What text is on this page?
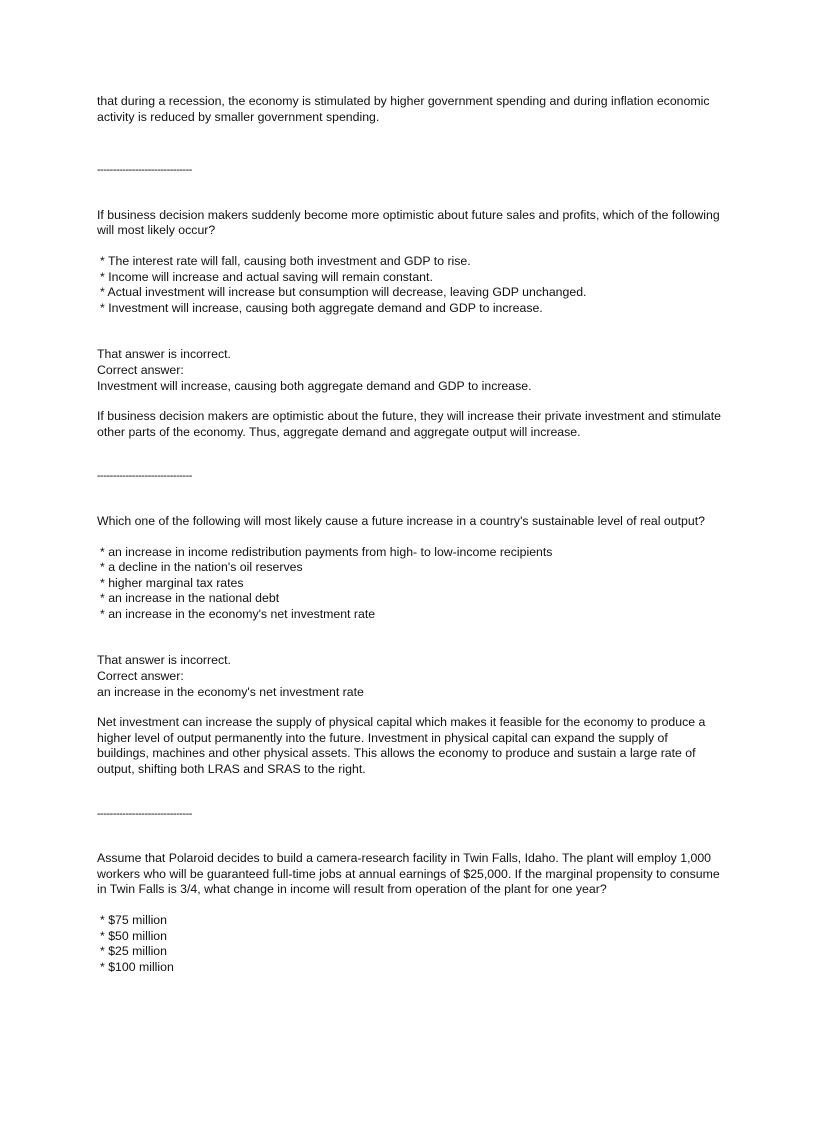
that during a recession, the economy is stimulated by higher government spending and during inflation economic activity is reduced by smaller government spending.

------------------------------

If business decision makers suddenly become more optimistic about future sales and profits, which of the following will most likely occur?

* The interest rate will fall, causing both investment and GDP to rise.
* Income will increase and actual saving will remain constant.
* Actual investment will increase but consumption will decrease, leaving GDP unchanged.
* Investment will increase, causing both aggregate demand and GDP to increase.

That answer is incorrect.

Correct answer:

Investment will increase, causing both aggregate demand and GDP to increase.

If business decision makers are optimistic about the future, they will increase their private investment and stimulate other parts of the economy. Thus, aggregate demand and aggregate output will increase.

------------------------------

Which one of the following will most likely cause a future increase in a country's sustainable level of real output?

* an increase in income redistribution payments from high- to low-income recipients
* a decline in the nation's oil reserves
* higher marginal tax rates
* an increase in the national debt
* an increase in the economy's net investment rate

That answer is incorrect.

Correct answer:

an increase in the economy's net investment rate

Net investment can increase the supply of physical capital which makes it feasible for the economy to produce a higher level of output permanently into the future. Investment in physical capital can expand the supply of buildings, machines and other physical assets. This allows the economy to produce and sustain a large rate of output, shifting both LRAS and SRAS to the right.

------------------------------

Assume that Polaroid decides to build a camera-research facility in Twin Falls, Idaho. The plant will employ 1,000 workers who will be guaranteed full-time jobs at annual earnings of $25,000. If the marginal propensity to consume in Twin Falls is 3/4, what change in income will result from operation of the plant for one year?

* $75 million
* $50 million
* $25 million
* $100 million
